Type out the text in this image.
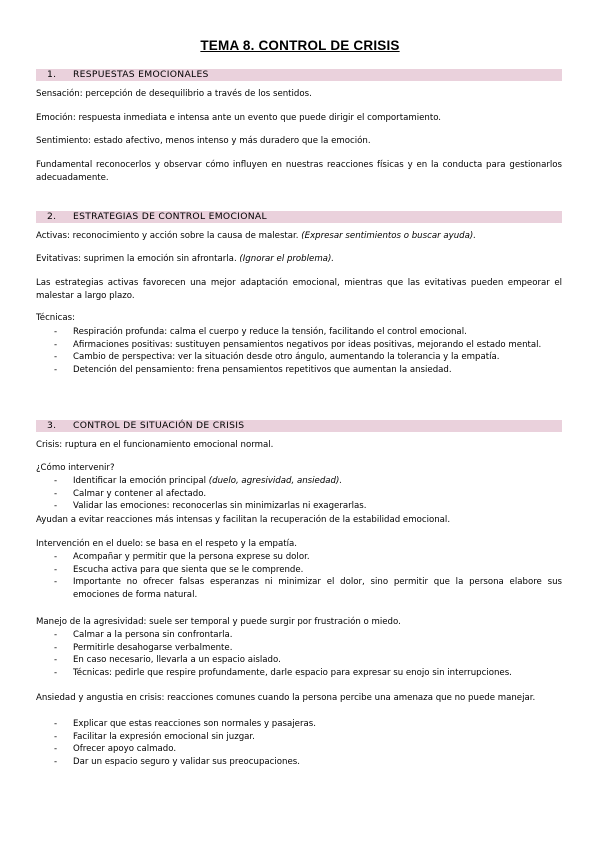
TEMA 8. CONTROL DE CRISIS
1. RESPUESTAS EMOCIONALES
Sensación: percepción de desequilibrio a través de los sentidos.
Emoción: respuesta inmediata e intensa ante un evento que puede dirigir el comportamiento.
Sentimiento: estado afectivo, menos intenso y más duradero que la emoción.
Fundamental reconocerlos y observar cómo influyen en nuestras reacciones físicas y en la conducta para gestionarlos adecuadamente.
2. ESTRATEGIAS DE CONTROL EMOCIONAL
Activas: reconocimiento y acción sobre la causa de malestar. (Expresar sentimientos o buscar ayuda).
Evitativas: suprimen la emoción sin afrontarla. (Ignorar el problema).
Las estrategias activas favorecen una mejor adaptación emocional, mientras que las evitativas pueden empeorar el malestar a largo plazo.
Técnicas:
- Respiración profunda: calma el cuerpo y reduce la tensión, facilitando el control emocional.
- Afirmaciones positivas: sustituyen pensamientos negativos por ideas positivas, mejorando el estado mental.
- Cambio de perspectiva: ver la situación desde otro ángulo, aumentando la tolerancia y la empatía.
- Detención del pensamiento: frena pensamientos repetitivos que aumentan la ansiedad.
3. CONTROL DE SITUACIÓN DE CRISIS
Crisis: ruptura en el funcionamiento emocional normal.
¿Cómo intervenir?
- Identificar la emoción principal (duelo, agresividad, ansiedad).
- Calmar y contener al afectado.
- Validar las emociones: reconocerlas sin minimizarlas ni exagerarlas.
Ayudan a evitar reacciones más intensas y facilitan la recuperación de la estabilidad emocional.
Intervención en el duelo: se basa en el respeto y la empatía.
- Acompañar y permitir que la persona exprese su dolor.
- Escucha activa para que sienta que se le comprende.
- Importante no ofrecer falsas esperanzas ni minimizar el dolor, sino permitir que la persona elabore sus emociones de forma natural.
Manejo de la agresividad: suele ser temporal y puede surgir por frustración o miedo.
- Calmar a la persona sin confrontarla.
- Permitirle desahogarse verbalmente.
- En caso necesario, llevarla a un espacio aislado.
- Técnicas: pedirle que respire profundamente, darle espacio para expresar su enojo sin interrupciones.
Ansiedad y angustia en crisis: reacciones comunes cuando la persona percibe una amenaza que no puede manejar.
- Explicar que estas reacciones son normales y pasajeras.
- Facilitar la expresión emocional sin juzgar.
- Ofrecer apoyo calmado.
- Dar un espacio seguro y validar sus preocupaciones.
